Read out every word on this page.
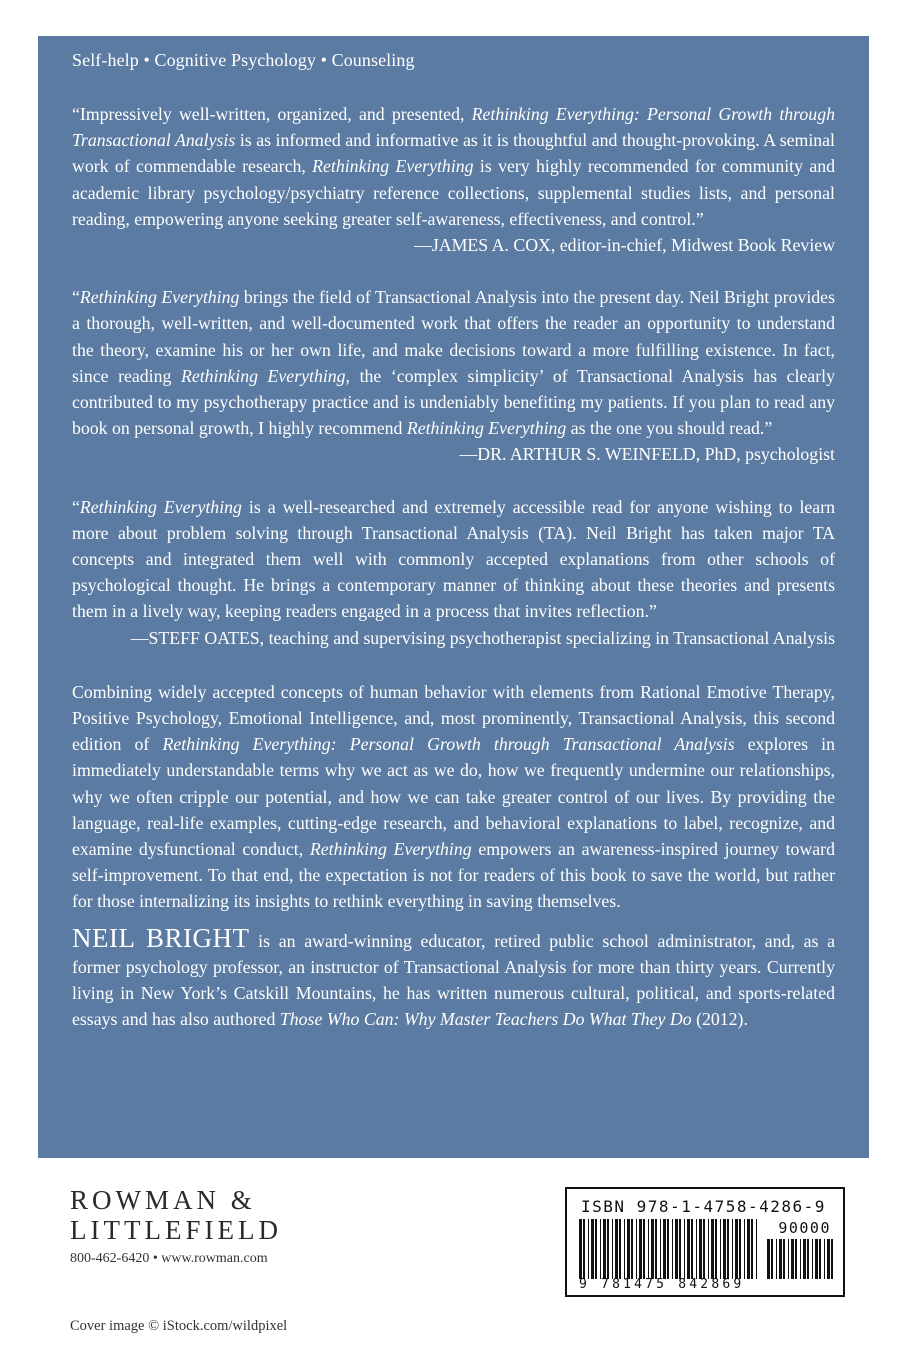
Self-help • Cognitive Psychology • Counseling

“Impressively well-written, organized, and presented, Rethinking Everything: Personal Growth through Transactional Analysis is as informed and informative as it is thoughtful and thought-provoking. A seminal work of commendable research, Rethinking Everything is very highly recommended for community and academic library psychology/psychiatry reference collections, supplemental studies lists, and personal reading, empowering anyone seeking greater self-awareness, effectiveness, and control.”
—JAMES A. COX, editor-in-chief, Midwest Book Review

“Rethinking Everything brings the field of Transactional Analysis into the present day. Neil Bright provides a thorough, well-written, and well-documented work that offers the reader an opportunity to understand the theory, examine his or her own life, and make decisions toward a more fulfilling existence. In fact, since reading Rethinking Everything, the ‘complex simplicity’ of Transactional Analysis has clearly contributed to my psychotherapy practice and is undeniably benefiting my patients. If you plan to read any book on personal growth, I highly recommend Rethinking Everything as the one you should read.”
—DR. ARTHUR S. WEINFELD, PhD, psychologist

“Rethinking Everything is a well-researched and extremely accessible read for anyone wishing to learn more about problem solving through Transactional Analysis (TA). Neil Bright has taken major TA concepts and integrated them well with commonly accepted explanations from other schools of psychological thought. He brings a contemporary manner of thinking about these theories and presents them in a lively way, keeping readers engaged in a process that invites reflection.”
—STEFF OATES, teaching and supervising psychotherapist specializing in Transactional Analysis

Combining widely accepted concepts of human behavior with elements from Rational Emotive Therapy, Positive Psychology, Emotional Intelligence, and, most prominently, Transactional Analysis, this second edition of Rethinking Everything: Personal Growth through Transactional Analysis explores in immediately understandable terms why we act as we do, how we frequently undermine our relationships, why we often cripple our potential, and how we can take greater control of our lives. By providing the language, real-life examples, cutting-edge research, and behavioral explanations to label, recognize, and examine dysfunctional conduct, Rethinking Everything empowers an awareness-inspired journey toward self-improvement. To that end, the expectation is not for readers of this book to save the world, but rather for those internalizing its insights to rethink everything in saving themselves.

NEIL BRIGHT is an award-winning educator, retired public school administrator, and, as a former psychology professor, an instructor of Transactional Analysis for more than thirty years. Currently living in New York’s Catskill Mountains, he has written numerous cultural, political, and sports-related essays and has also authored Those Who Can: Why Master Teachers Do What They Do (2012).

ROWMAN &
LITTLEFIELD
800-462-6420 • www.rowman.com
Cover image © iStock.com/wildpixel
ISBN 978-1-4758-4286-9
90000
9 781475 842869
